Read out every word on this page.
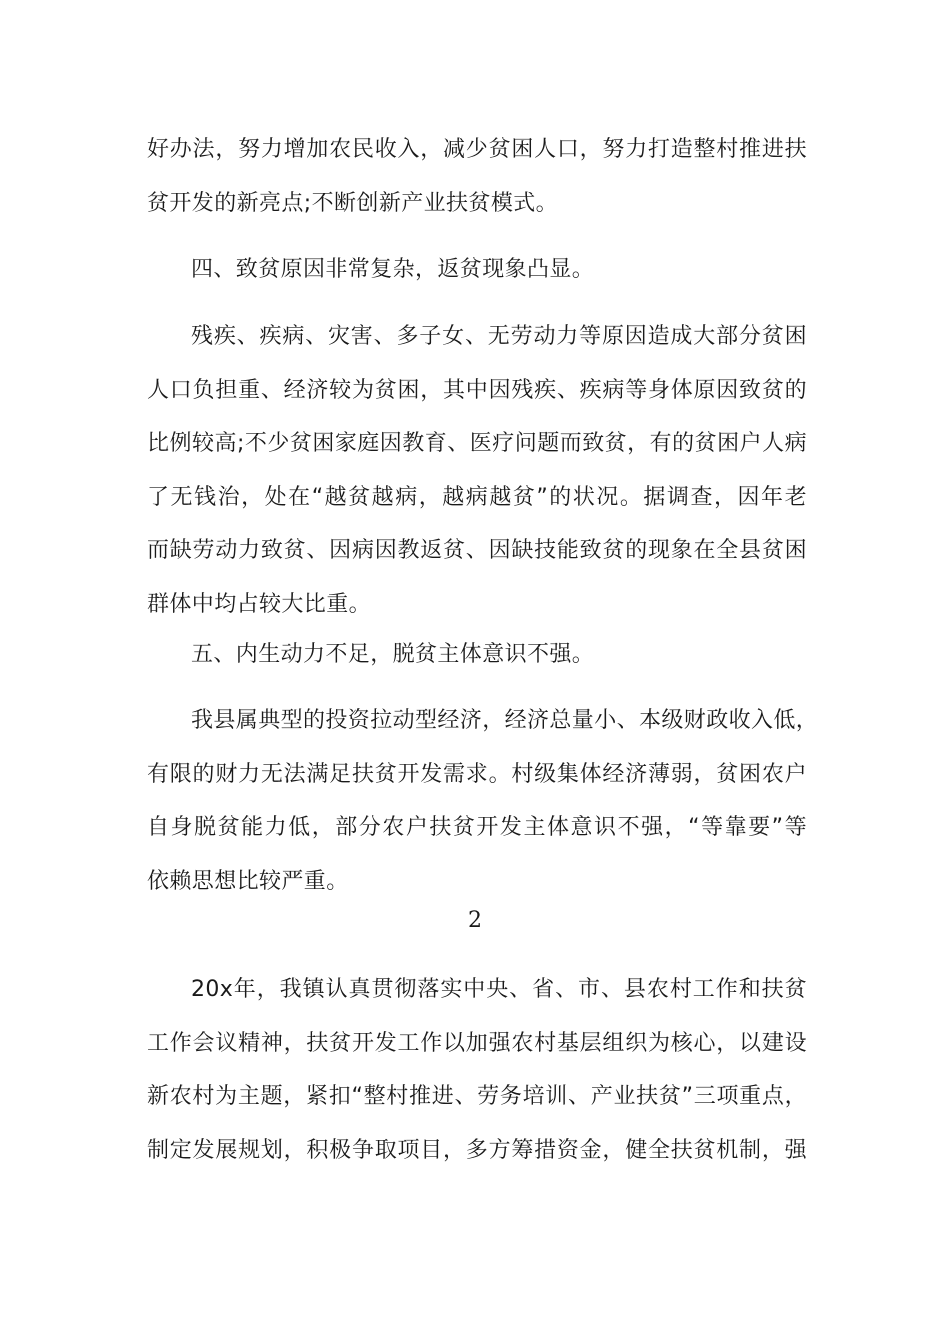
好办法，努力增加农民收入，减少贫困人口，努力打造整村推进扶
贫开发的新亮点;不断创新产业扶贫模式。
四、致贫原因非常复杂，返贫现象凸显。
残疾、疾病、灾害、多子女、无劳动力等原因造成大部分贫困
人口负担重、经济较为贫困，其中因残疾、疾病等身体原因致贫的
比例较高;不少贫困家庭因教育、医疗问题而致贫，有的贫困户人病
了无钱治，处在“越贫越病，越病越贫”的状况。据调查，因年老
而缺劳动力致贫、因病因教返贫、因缺技能致贫的现象在全县贫困
群体中均占较大比重。
五、内生动力不足，脱贫主体意识不强。
我县属典型的投资拉动型经济，经济总量小、本级财政收入低，
有限的财力无法满足扶贫开发需求。村级集体经济薄弱，贫困农户
自身脱贫能力低，部分农户扶贫开发主体意识不强，“等靠要”等
依赖思想比较严重。
2
20x年，我镇认真贯彻落实中央、省、市、县农村工作和扶贫
工作会议精神，扶贫开发工作以加强农村基层组织为核心，以建设
新农村为主题，紧扣“整村推进、劳务培训、产业扶贫”三项重点，
制定发展规划，积极争取项目，多方筹措资金，健全扶贫机制，强
